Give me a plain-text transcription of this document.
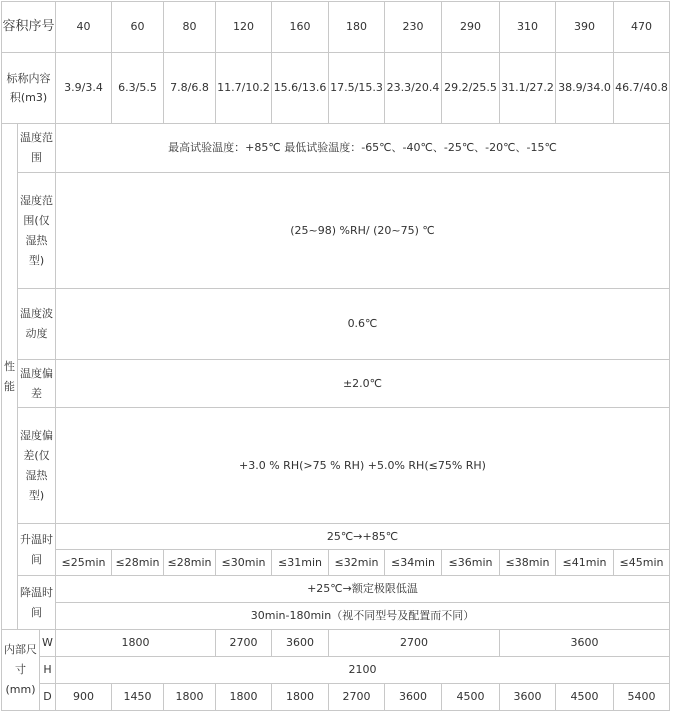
容积序号			40	60	80	120	160	180	230	290	310	390	470
标称内容积(m3)			3.9/3.4	6.3/5.5	7.8/6.8	11.7/10.2	15.6/13.6	17.5/15.3	23.3/20.4	29.2/25.5	31.1/27.2	38.9/34.0	46.7/40.8
性能	温度范围		最高试验温度：+85℃ 最低试验温度：-65℃、-40℃、-25℃、-20℃、-15℃										
	湿度范围(仅湿热型)		(25~98) %RH/ (20~75) ℃										
	温度波动度		0.6℃										
	温度偏差		±2.0℃										
	湿度偏差(仅湿热型)		+3.0 % RH(>75 % RH) +5.0% RH(≤75% RH)										
	升温时间		25℃→+85℃										
			≤25min	≤28min	≤28min	≤30min	≤31min	≤32min	≤34min	≤36min	≤38min	≤41min	≤45min
	降温时间		+25℃→额定极限低温										
			30min-180min（视不同型号及配置而不同）										
内部尺寸(mm)		W	1800			2700	3600	2700			3600		
		H	2100										
		D	900	1450	1800	1800	1800	2700	3600	4500	3600	4500	5400
